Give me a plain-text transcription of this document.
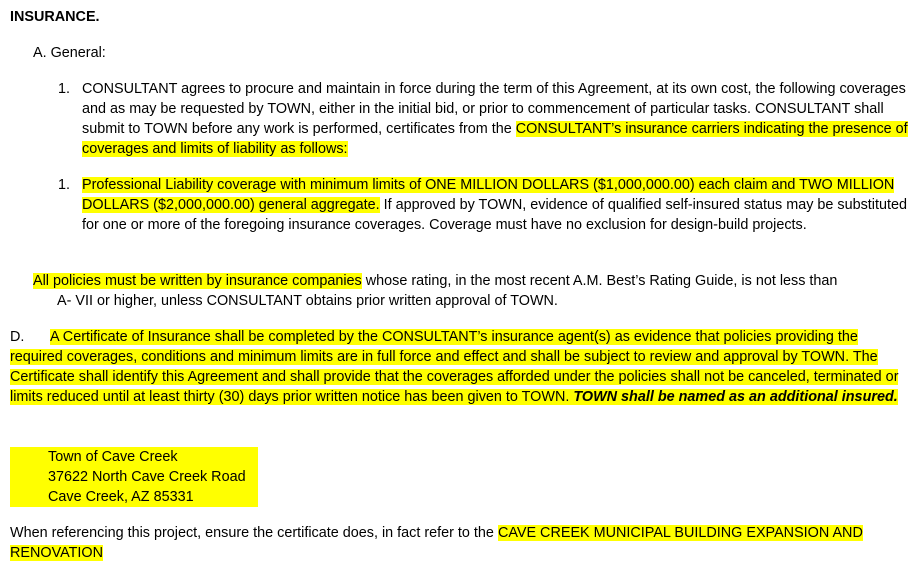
INSURANCE.
A. General:
1. CONSULTANT agrees to procure and maintain in force during the term of this Agreement, at its own cost, the following coverages and as may be requested by TOWN, either in the initial bid, or prior to commencement of particular tasks. CONSULTANT shall submit to TOWN before any work is performed, certificates from the CONSULTANT’s insurance carriers indicating the presence of coverages and limits of liability as follows:
1. Professional Liability coverage with minimum limits of ONE MILLION DOLLARS ($1,000,000.00) each claim and TWO MILLION DOLLARS ($2,000,000.00) general aggregate. If approved by TOWN, evidence of qualified self-insured status may be substituted for one or more of the foregoing insurance coverages. Coverage must have no exclusion for design-build projects.
All policies must be written by insurance companies whose rating, in the most recent A.M. Best’s Rating Guide, is not less than
A- VII or higher, unless CONSULTANT obtains prior written approval of TOWN.
D. A Certificate of Insurance shall be completed by the CONSULTANT’s insurance agent(s) as evidence that policies providing the required coverages, conditions and minimum limits are in full force and effect and shall be subject to review and approval by TOWN. The Certificate shall identify this Agreement and shall provide that the coverages afforded under the policies shall not be canceled, terminated or limits reduced until at least thirty (30) days prior written notice has been given to TOWN. TOWN shall be named as an additional insured.
Town of Cave Creek
37622 North Cave Creek Road
Cave Creek, AZ 85331
When referencing this project, ensure the certificate does, in fact refer to the CAVE CREEK MUNICIPAL BUILDING EXPANSION AND RENOVATION
